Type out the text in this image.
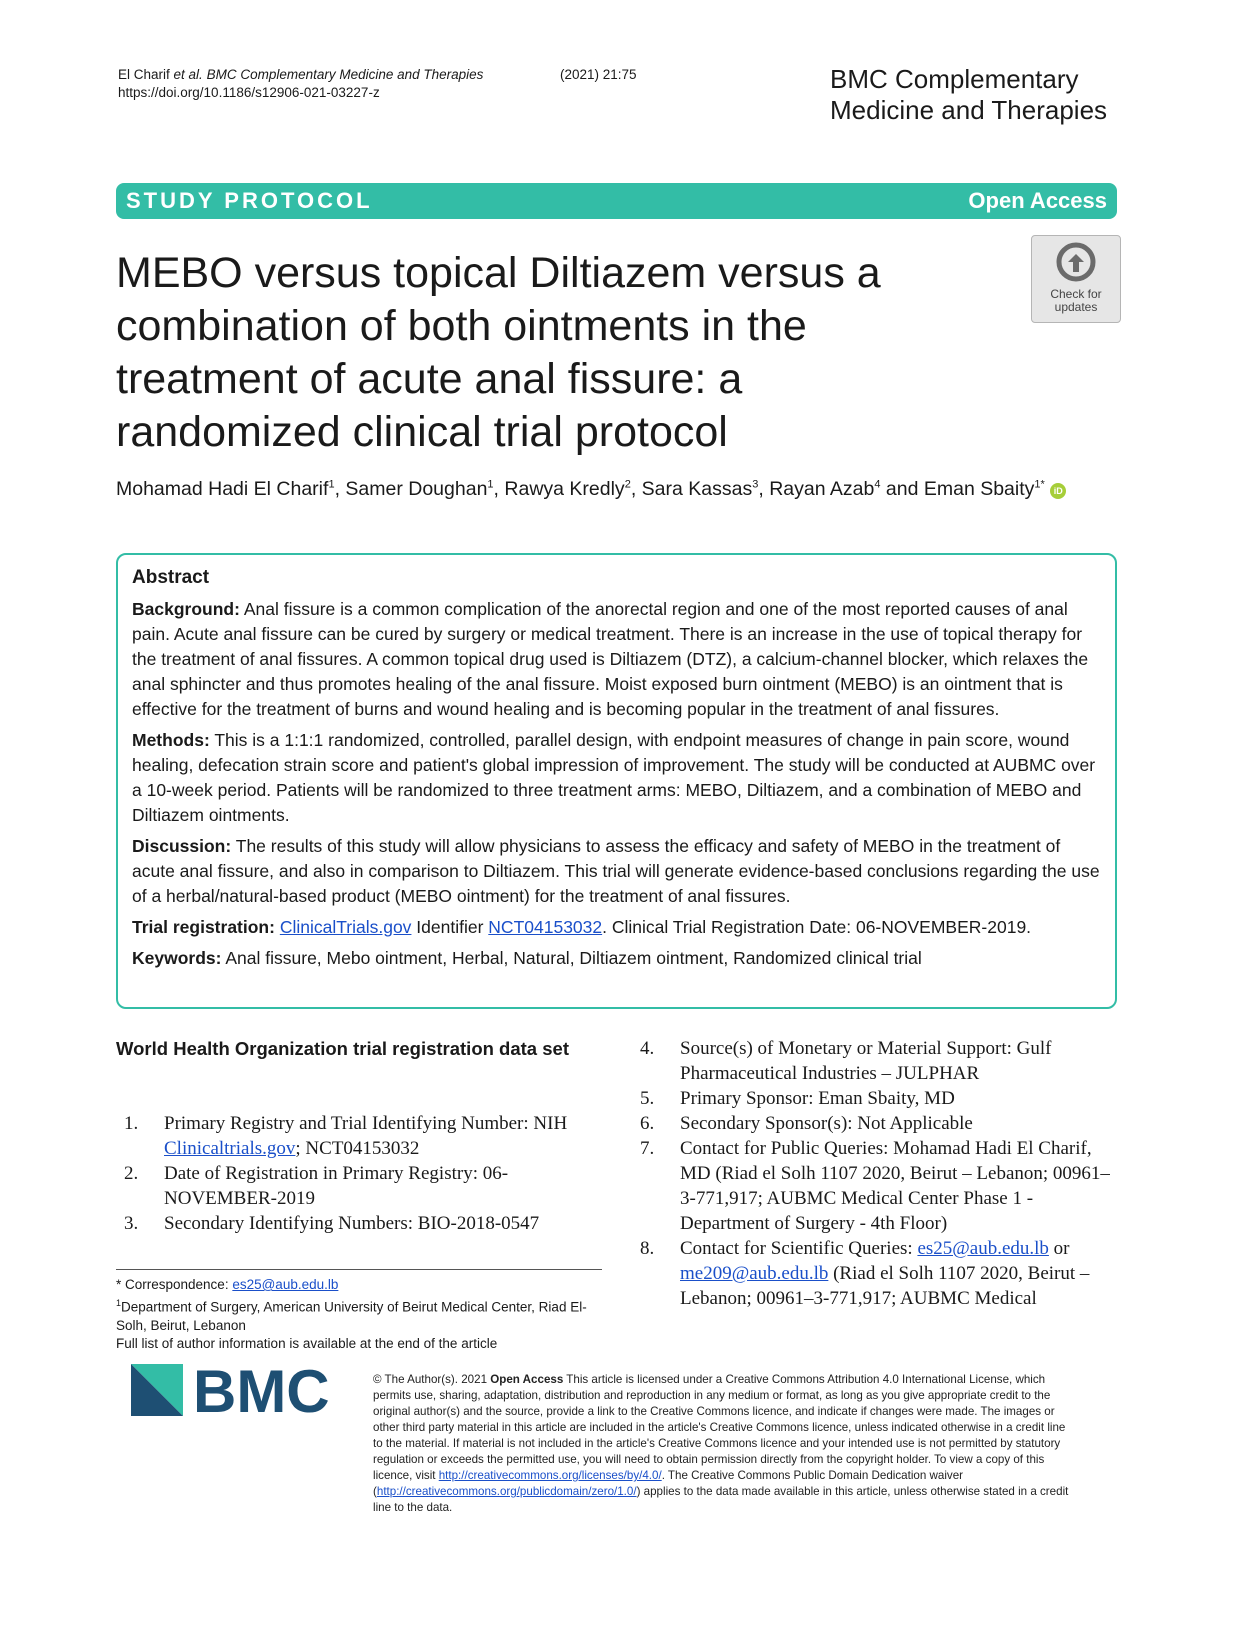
El Charif et al. BMC Complementary Medicine and Therapies	(2021) 21:75
https://doi.org/10.1186/s12906-021-03227-z	BMC Complementary
Medicine and Therapies
STUDY PROTOCOL	Open Access
MEBO versus topical Diltiazem versus a combination of both ointments in the treatment of acute anal fissure: a randomized clinical trial protocol
Check for
updates
Mohamad Hadi El Charif$^1$, Samer Doughan$^1$, Rawya Kredly$^2$, Sara Kassas$^3$, Rayan Azab$^4$ and Eman Sbaity$^{1*}$ iD
Abstract

Background: Anal fissure is a common complication of the anorectal region and one of the most reported causes of anal pain. Acute anal fissure can be cured by surgery or medical treatment. There is an increase in the use of topical therapy for the treatment of anal fissures. A common topical drug used is Diltiazem (DTZ), a calcium-channel blocker, which relaxes the anal sphincter and thus promotes healing of the anal fissure. Moist exposed burn ointment (MEBO) is an ointment that is effective for the treatment of burns and wound healing and is becoming popular in the treatment of anal fissures.

Methods: This is a 1:1:1 randomized, controlled, parallel design, with endpoint measures of change in pain score, wound healing, defecation strain score and patient's global impression of improvement. The study will be conducted at AUBMC over a 10-week period. Patients will be randomized to three treatment arms: MEBO, Diltiazem, and a combination of MEBO and Diltiazem ointments.

Discussion: The results of this study will allow physicians to assess the efficacy and safety of MEBO in the treatment of acute anal fissure, and also in comparison to Diltiazem. This trial will generate evidence-based conclusions regarding the use of a herbal/natural-based product (MEBO ointment) for the treatment of anal fissures.

Trial registration: ClinicalTrials.gov Identifier NCT04153032. Clinical Trial Registration Date: 06-NOVEMBER-2019.

Keywords: Anal fissure, Mebo ointment, Herbal, Natural, Diltiazem ointment, Randomized clinical trial

World Health Organization trial registration data set
1. Primary Registry and Trial Identifying Number: NIH Clinicaltrials.gov; NCT04153032
2. Date of Registration in Primary Registry: 06-NOVEMBER-2019
3. Secondary Identifying Numbers: BIO-2018-0547
4. Source(s) of Monetary or Material Support: Gulf Pharmaceutical Industries – JULPHAR
5. Primary Sponsor: Eman Sbaity, MD
6. Secondary Sponsor(s): Not Applicable
7. Contact for Public Queries: Mohamad Hadi El Charif, MD (Riad el Solh 1107 2020, Beirut – Lebanon; 00961–3-771,917; AUBMC Medical Center Phase 1 - Department of Surgery - 4th Floor)
8. Contact for Scientific Queries: es25@aub.edu.lb or me209@aub.edu.lb (Riad el Solh 1107 2020, Beirut – Lebanon; 00961–3-771,917; AUBMC Medical
* Correspondence: es25@aub.edu.lb
$^1$Department of Surgery, American University of Beirut Medical Center, Riad El-Solh, Beirut, Lebanon
Full list of author information is available at the end of the article
BMC	© The Author(s). 2021 Open Access This article is licensed under a Creative Commons Attribution 4.0 International License, which permits use, sharing, adaptation, distribution and reproduction in any medium or format, as long as you give appropriate credit to the original author(s) and the source, provide a link to the Creative Commons licence, and indicate if changes were made. The images or other third party material in this article are included in the article's Creative Commons licence, unless indicated otherwise in a credit line to the material. If material is not included in the article's Creative Commons licence and your intended use is not permitted by statutory regulation or exceeds the permitted use, you will need to obtain permission directly from the copyright holder. To view a copy of this licence, visit http://creativecommons.org/licenses/by/4.0/. The Creative Commons Public Domain Dedication waiver (http://creativecommons.org/publicdomain/zero/1.0/) applies to the data made available in this article, unless otherwise stated in a credit line to the data.
